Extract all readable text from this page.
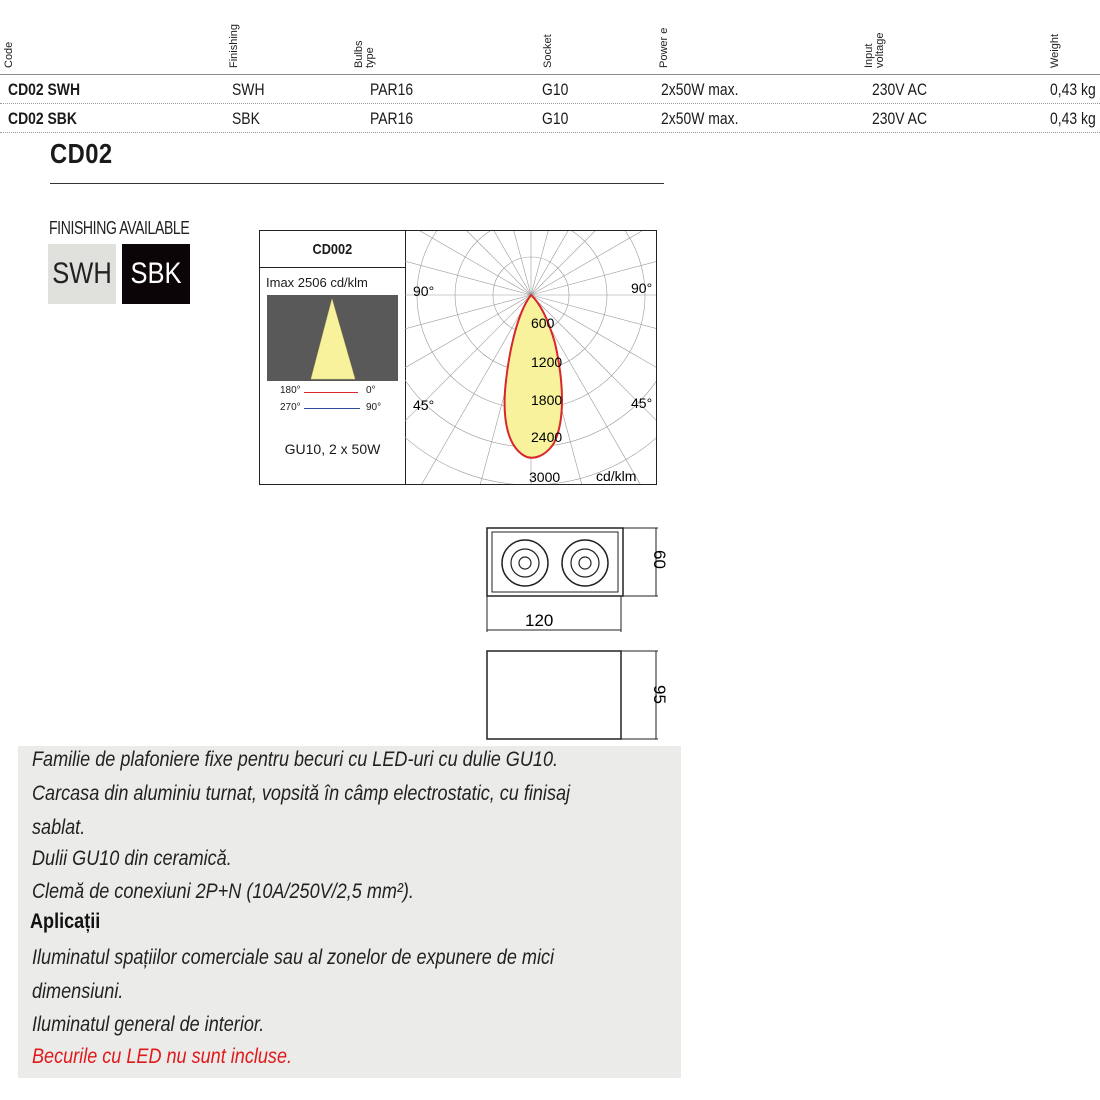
Code	Finishing	Bulbs type	Socket	Power e	Input voltage	Weight
CD02 SWH	SWH	PAR16	G10	2x50W max.	230V AC	0,43 kg
CD02 SBK	SBK	PAR16	G10	2x50W max.	230V AC	0,43 kg
CD02
FINISHING AVAILABLE
SWH SBK
CD002
Imax 2506 cd/klm
180°	0°
270°	90°
GU10, 2 x 50W
90°	90°
45°	45°
600
1200
1800
2400
3000	cd/klm
60
120
95
Familie de plafoniere fixe pentru becuri cu LED-uri cu dulie GU10.
Carcasa din aluminiu turnat, vopsită în câmp electrostatic, cu finisaj
sablat.
Dulii GU10 din ceramică.
Clemă de conexiuni 2P+N (10A/250V/2,5 mm²).
Aplicații
Iluminatul spațiilor comerciale sau al zonelor de expunere de mici
dimensiuni.
Iluminatul general de interior.
Becurile cu LED nu sunt incluse.
